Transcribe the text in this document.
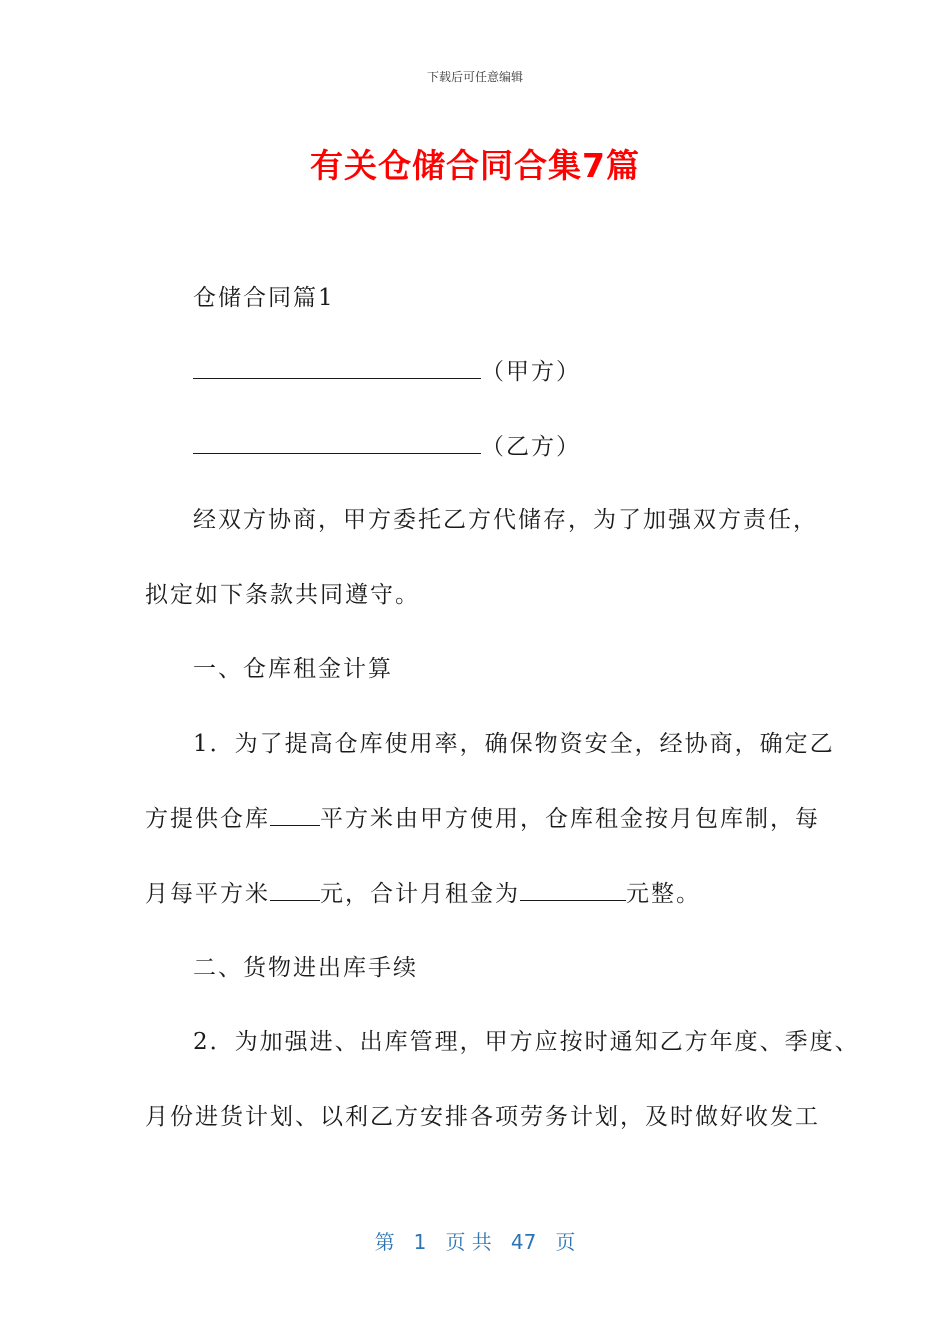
下载后可任意编辑
有关仓储合同合集7篇
仓储合同篇1
（甲方）
（乙方）
经双方协商，甲方委托乙方代储存，为了加强双方责任，
拟定如下条款共同遵守。
一、仓库租金计算
1．为了提高仓库使用率，确保物资安全，经协商，确定乙
方提供仓库 平方米由甲方使用，仓库租金按月包库制，每
月每平方米 元，合计月租金为	元整。
二、货物进出库手续
2．为加强进、出库管理，甲方应按时通知乙方年度、季度、
月份进货计划、以利乙方安排各项劳务计划，及时做好收发工
第 1 页 共 47 页
